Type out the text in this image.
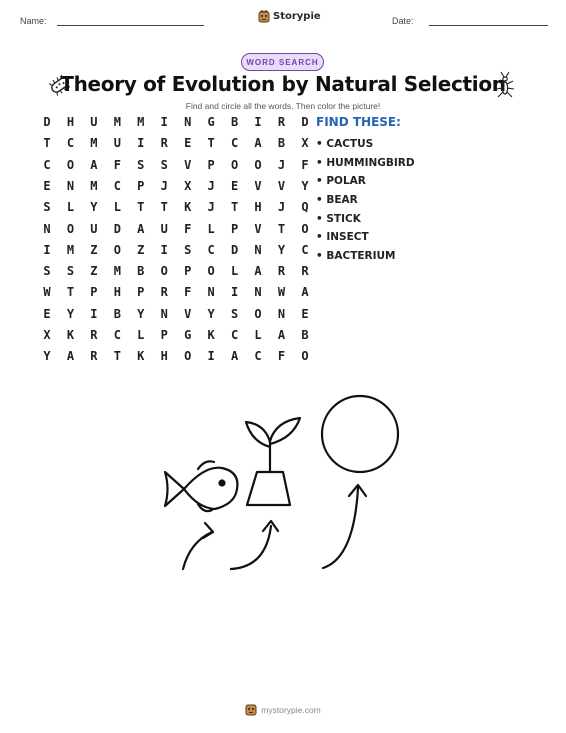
Name:	Storypie	Date:
WORD SEARCH
Theory of Evolution by Natural Selection
Find and circle all the words. Then color the picture!
D	H	U	M	M	I	N	G	B	I	R	D
T	C	M	U	I	R	E	T	C	A	B	X
C	O	A	F	S	S	V	P	O	O	J	F
E	N	M	C	P	J	X	J	E	V	V	Y
S	L	Y	L	T	T	K	J	T	H	J	Q
N	O	U	D	A	U	F	L	P	V	T	O
I	M	Z	O	Z	I	S	C	D	N	Y	C
S	S	Z	M	B	O	P	O	L	A	R	R
W	T	P	H	P	R	F	N	I	N	W	A
E	Y	I	B	Y	N	V	Y	S	O	N	E
X	K	R	C	L	P	G	K	C	L	A	B
Y	A	R	T	K	H	O	I	A	C	F	O
FIND THESE:
• CACTUS
• HUMMINGBIRD
• POLAR
• BEAR
• STICK
• INSECT
• BACTERIUM
mystorypie.com
